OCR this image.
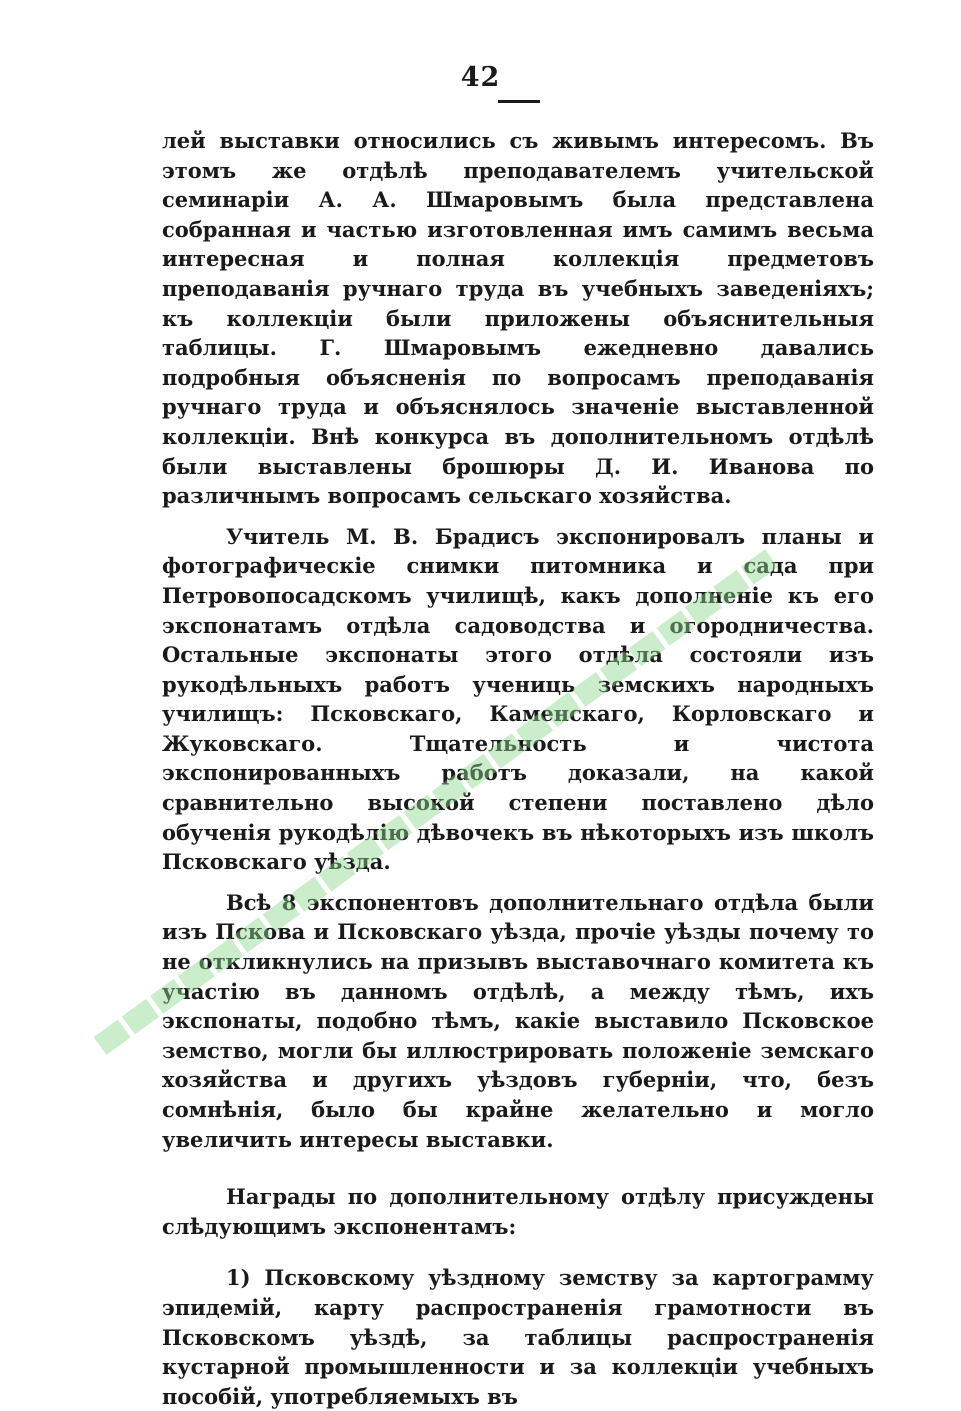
42

лей выставки относились съ живымъ интересомъ. Въ этомъ же отдѣлѣ преподавателемъ учительской семинаріи А. А. Шмаровымъ была представлена собранная и частью изготовленная имъ самимъ весьма интересная и полная коллекція предметовъ преподаванія ручнаго труда въ учебныхъ заведеніяхъ; къ коллекціи были приложены объяснительныя таблицы. Г. Шмаровымъ ежедневно давались подробныя объясненія по вопросамъ преподаванія ручнаго труда и объяснялось значеніе выставленной коллекціи. Внѣ конкурса въ дополнительномъ отдѣлѣ были выставлены брошюры Д. И. Иванова по различнымъ вопросамъ сельскаго хозяйства.

Учитель М. В. Брадисъ экспонировалъ планы и фотографическіе снимки питомника и сада при Петровопосадскомъ училищѣ, какъ дополненіе къ его экспонатамъ отдѣла садоводства и огородничества. Остальные экспонаты этого отдѣла состояли изъ рукодѣльныхъ работъ учениць земскихъ народныхъ училищъ: Псковскаго, Каменскаго, Корловскаго и Жуковскаго. Тщательность и чистота экспонированныхъ работъ доказали, на какой сравнительно высокой степени поставлено дѣло обученія рукодѣлію дѣвочекъ въ нѣкоторыхъ изъ школъ Псковскаго уѣзда.

Всѣ 8 экспонентовъ дополнительнаго отдѣла были изъ Пскова и Псковскаго уѣзда, прочіе уѣзды почему то не откликнулись на призывъ выставочнаго комитета къ участію въ данномъ отдѣлѣ, а между тѣмъ, ихъ экспонаты, подобно тѣмъ, какіе выставило Псковское земство, могли бы иллюстрировать положеніе земскаго хозяйства и другихъ уѣздовъ губерніи, что, безъ сомнѣнія, было бы крайне желательно и могло увеличить интересы выставки.

Награды по дополнительному отдѣлу присуждены слѣдующимъ экспонентамъ:

1) Псковскому уѣздному земству за картограмму эпидемій, карту распространенія грамотности въ Псковскомъ уѣздѣ, за таблицы распространенія кустарной промышленности и за коллекціи учебныхъ пособій, употребляемыхъ въ
